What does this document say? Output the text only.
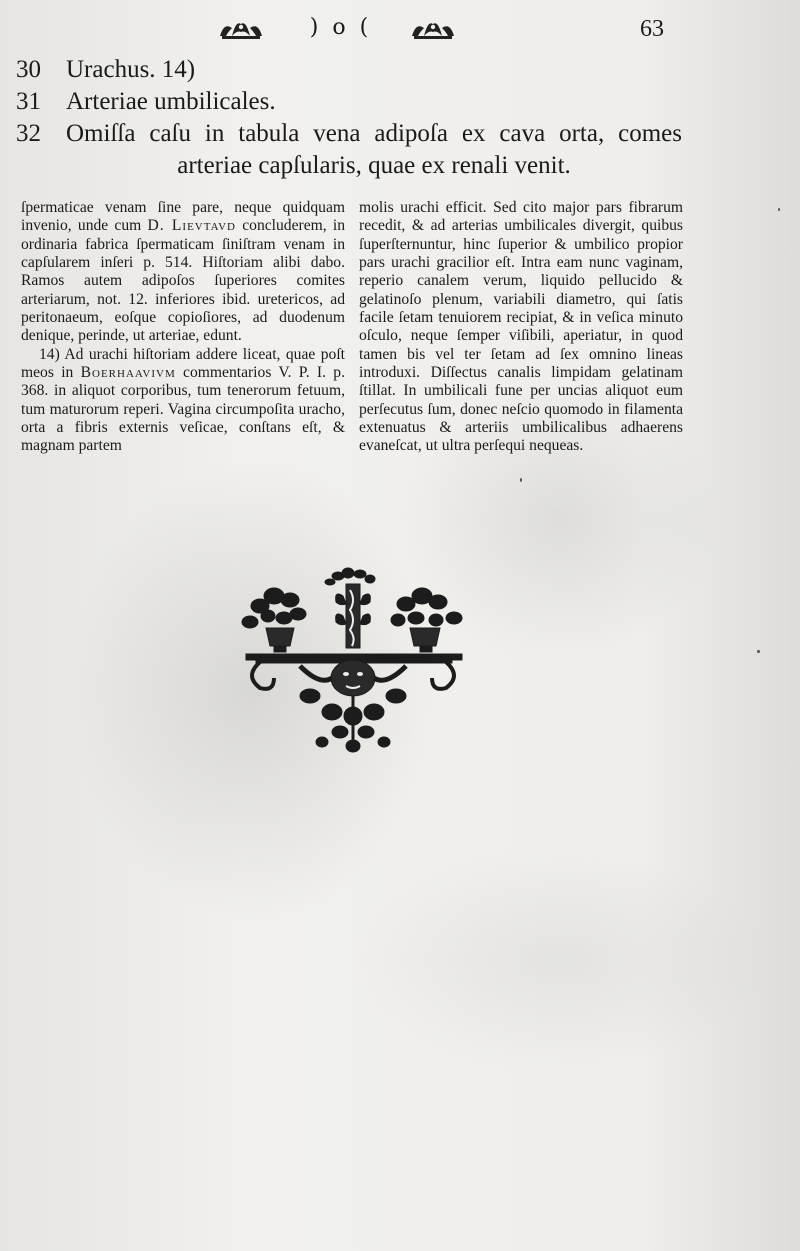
)o(	63
30	Urachus. 14)
31	Arteriae umbilicales.
32	Omiſſa caſu in tabula vena adipoſa ex cava orta, comes arteriae capſularis, quae ex renali venit.

ſpermaticae venam ſine pare, neque quidquam invenio, unde cum D. Lievtavd concluderem, in ordinaria fabrica ſpermaticam ſiniſtram venam in capſularem inſeri p. 514. Hiſtoriam alibi dabo. Ramos autem adipoſos ſuperiores comites arteriarum, not. 12. inferiores ibid. uretericos, ad peritonaeum, eoſque copioſiores, ad duodenum denique, perinde, ut arteriae, edunt.

14) Ad urachi hiſtoriam addere liceat, quae poſt meos in Boerhaavivm commentarios V. P. I. p. 368. in aliquot corporibus, tum tenerorum fetuum, tum maturorum reperi. Vagina circumpoſita uracho, orta a fibris externis veſicae, conſtans eſt, & magnam partem

molis urachi efficit. Sed cito major pars fibrarum recedit, & ad arterias umbilicales divergit, quibus ſuperſternuntur, hinc ſuperior & umbilico propior pars urachi gracilior eſt. Intra eam nunc vaginam, reperio canalem verum, liquido pellucido & gelatinoſo plenum, variabili diametro, qui ſatis facile ſetam tenuiorem recipiat, & in veſica minuto oſculo, neque ſemper viſibili, aperiatur, in quod tamen bis vel ter ſetam ad ſex omnino lineas introduxi. Diſſectus canalis limpidam gelatinam ſtillat. In umbilicali fune per uncias aliquot eum perſecutus ſum, donec neſcio quomodo in filamenta extenuatus & arteriis umbilicalibus adhaerens evaneſcat, ut ultra perſequi nequeas.
